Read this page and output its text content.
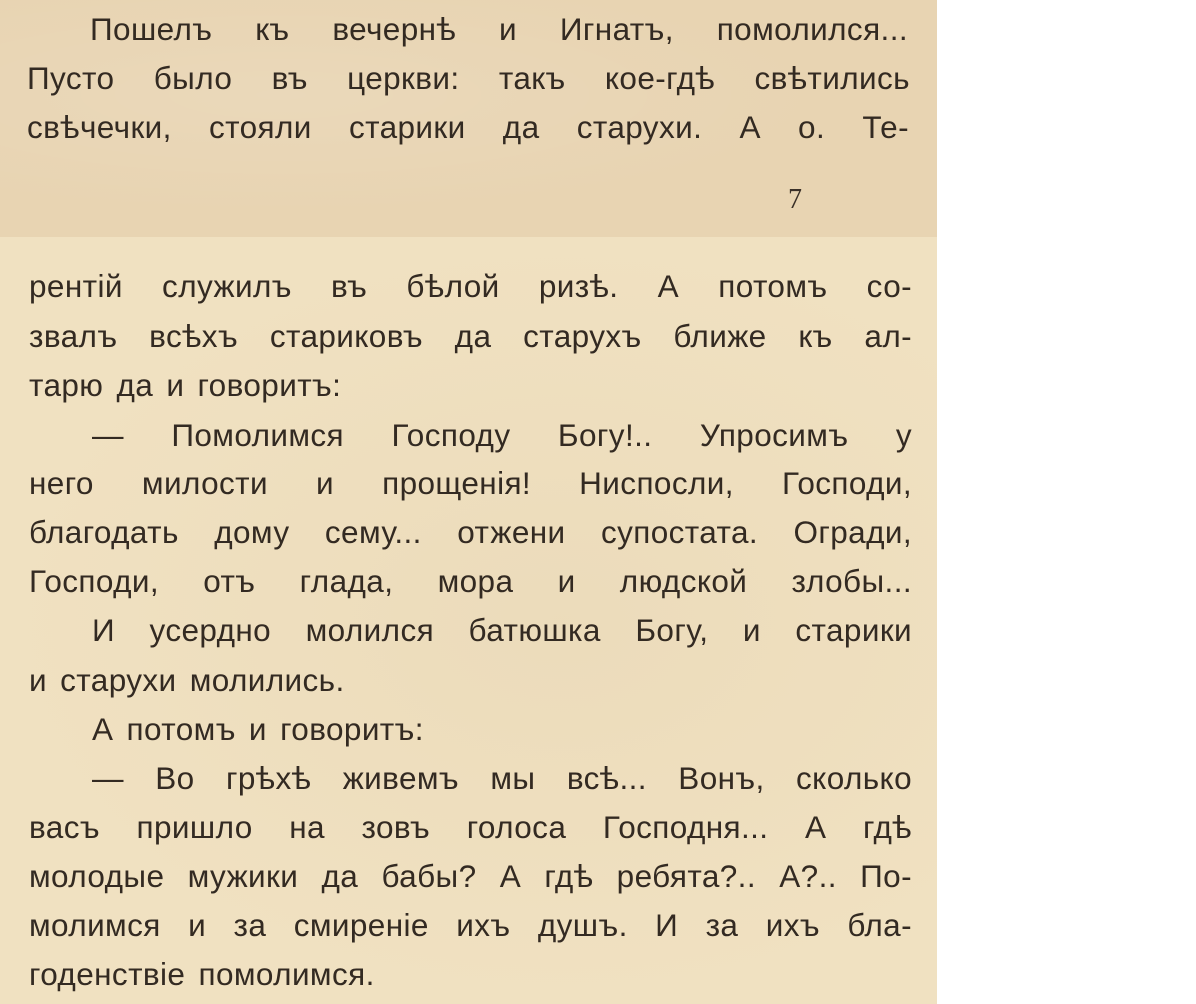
Пошелъ къ вечернѣ и Игнатъ, помолился...
Пусто было въ церкви: такъ кое-гдѣ свѣтились
свѣчечки, стояли старики да старухи. А о. Те-
7
рентій служилъ въ бѣлой ризѣ. А потомъ со-
звалъ всѣхъ стариковъ да старухъ ближе къ ал-
тарю да и говоритъ:
— Помолимся Господу Богу!.. Упросимъ у
него милости и прощенія! Ниспосли, Господи,
благодать дому сему... отжени супостата. Огради,
Господи, отъ глада, мора и людской злобы...
И усердно молился батюшка Богу, и старики
и старухи молились.
А потомъ и говоритъ:
— Во грѣхѣ живемъ мы всѣ... Вонъ, сколько
васъ пришло на зовъ голоса Господня... А гдѣ
молодые мужики да бабы? А гдѣ ребята?.. А?.. По-
молимся и за смиреніе ихъ душъ. И за ихъ бла-
годенствіе помолимся.
